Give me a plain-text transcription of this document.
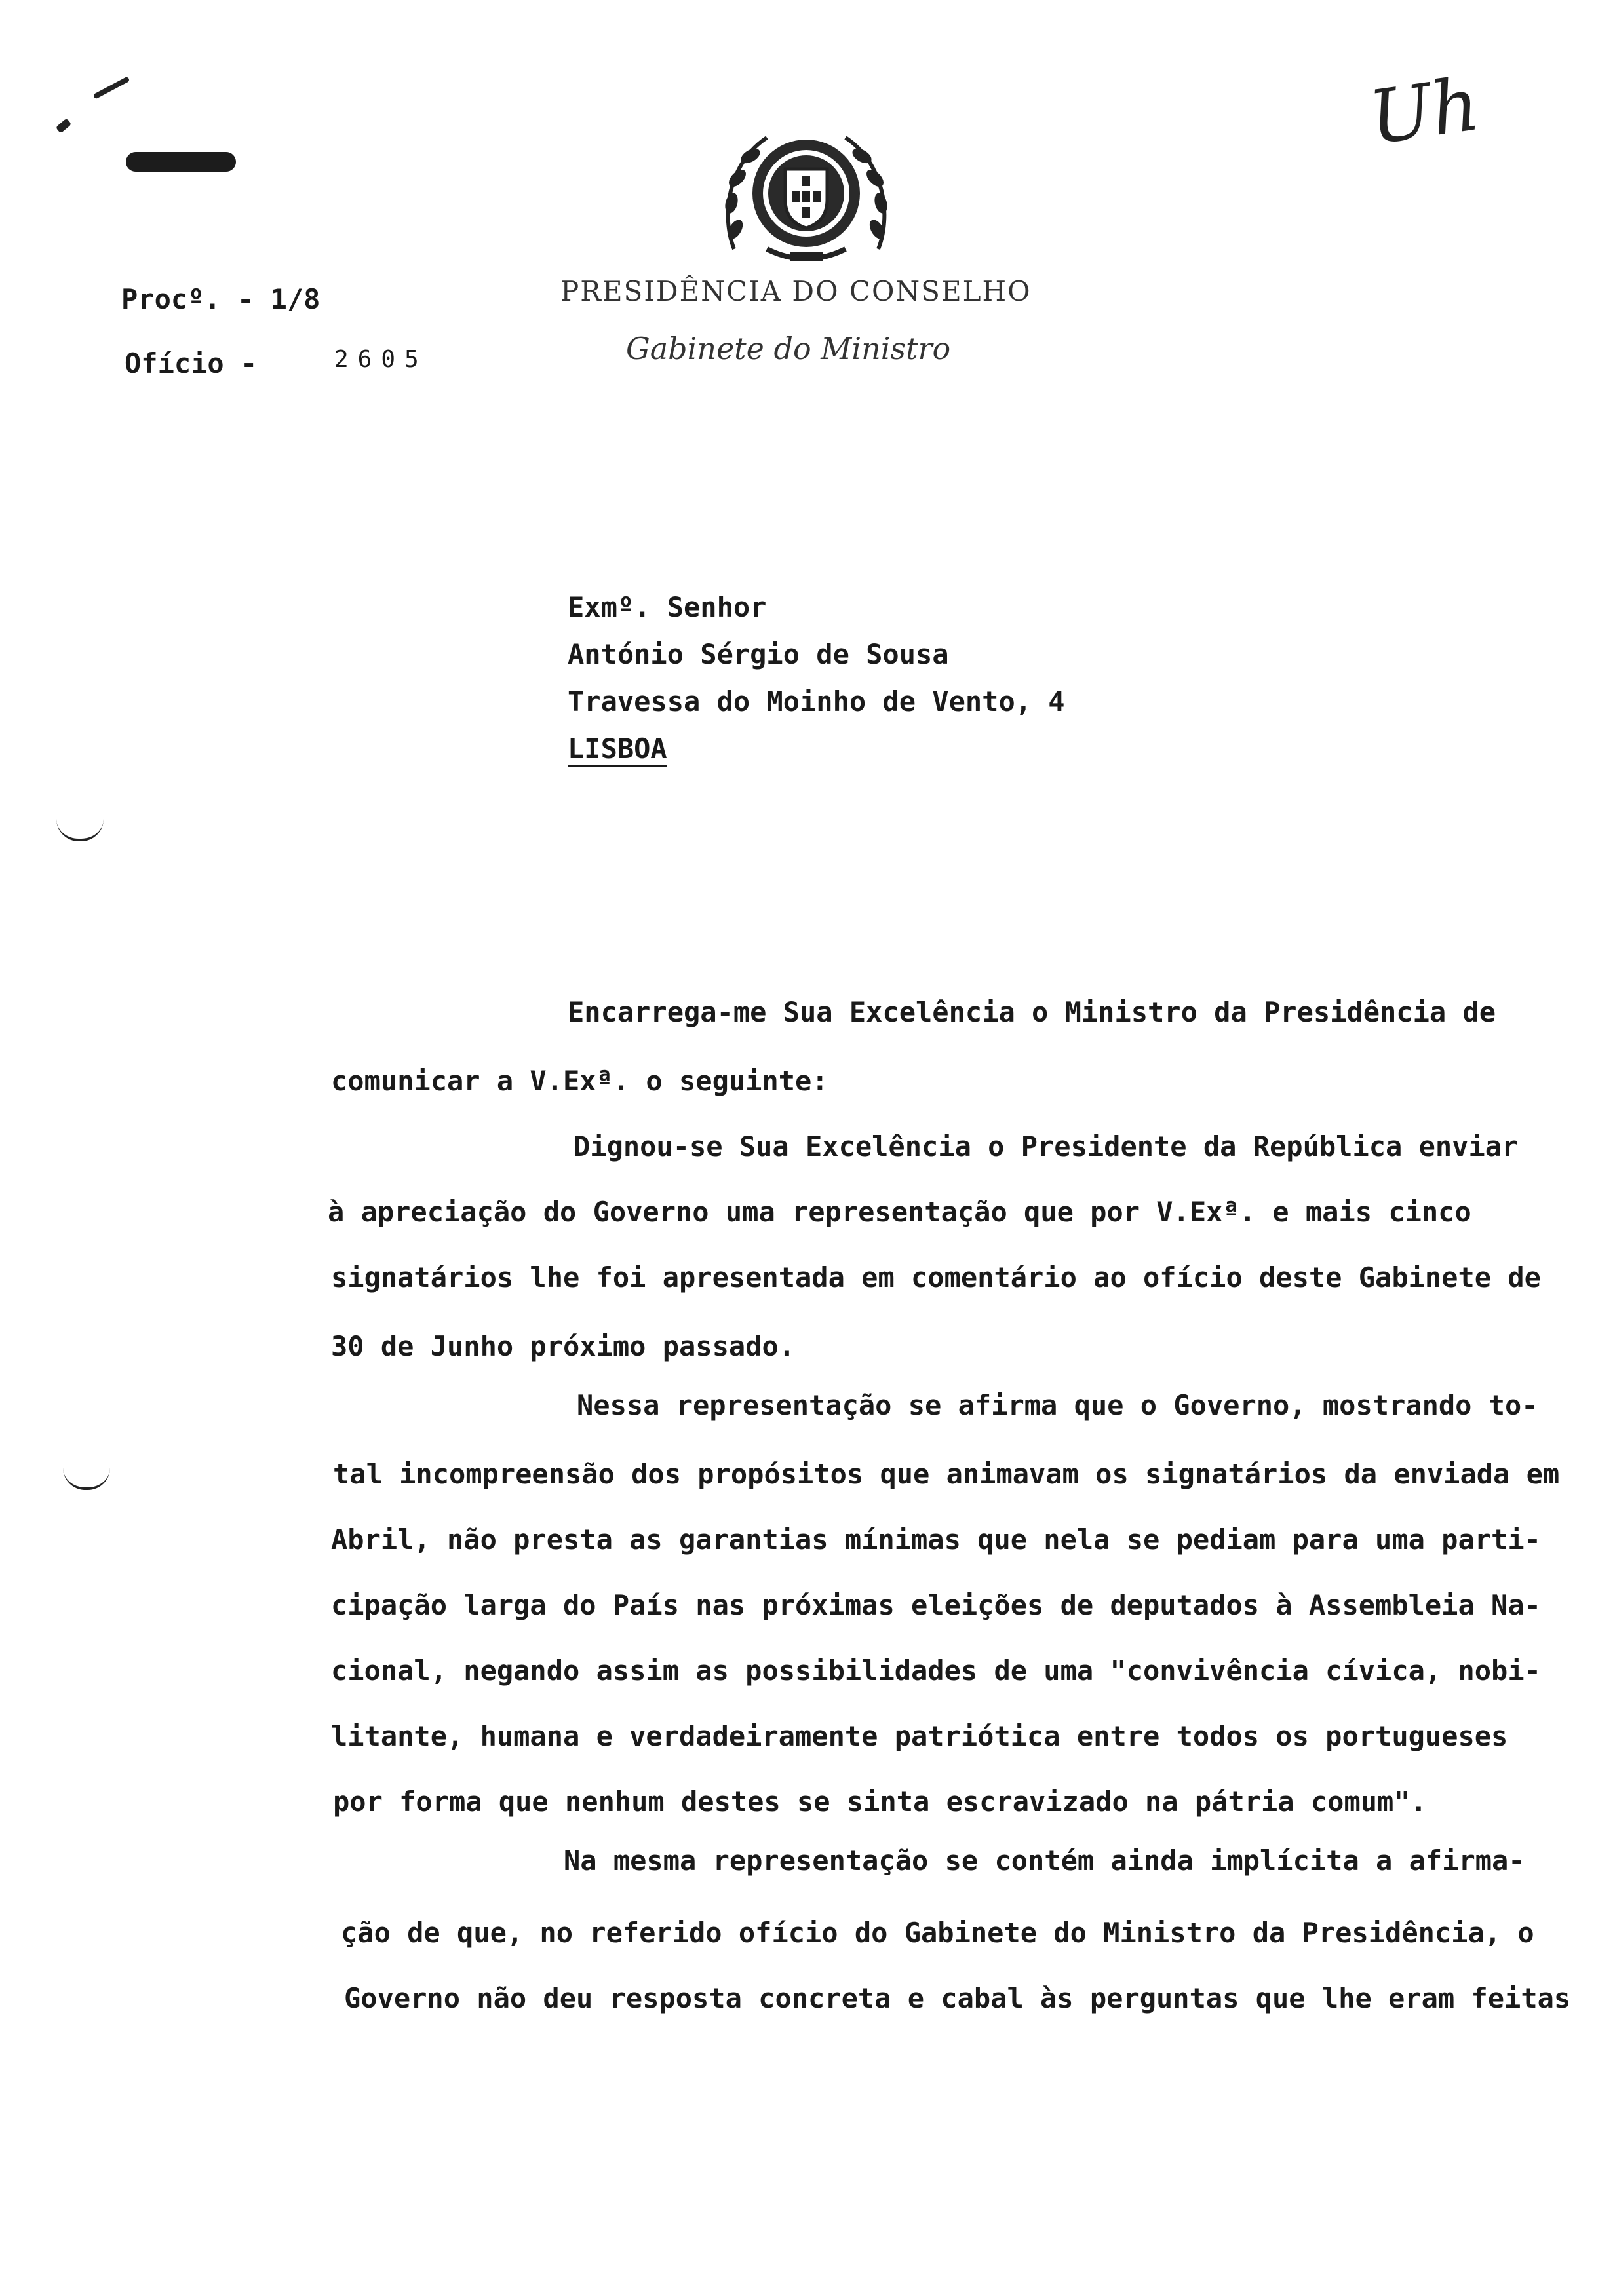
Uh
PRESIDÊNCIA DO CONSELHO
Gabinete do Ministro
Procº. - 1/8
Ofício -	2605
Exmº. Senhor
António Sérgio de Sousa
Travessa do Moinho de Vento, 4
LISBOA
Encarrega-me Sua Excelência o Ministro da Presidência de
comunicar a V.Exª. o seguinte:
Dignou-se Sua Excelência o Presidente da República enviar
à apreciação do Governo uma representação que por V.Exª. e mais cinco
signatários lhe foi apresentada em comentário ao ofício deste Gabinete de
30 de Junho próximo passado.
Nessa representação se afirma que o Governo, mostrando to-
tal incompreensão dos propósitos que animavam os signatários da enviada em
Abril, não presta as garantias mínimas que nela se pediam para uma parti-
cipação larga do País nas próximas eleições de deputados à Assembleia Na-
cional, negando assim as possibilidades de uma "convivência cívica, nobi-
litante, humana e verdadeiramente patriótica entre todos os portugueses
por forma que nenhum destes se sinta escravizado na pátria comum".
Na mesma representação se contém ainda implícita a afirma-
ção de que, no referido ofício do Gabinete do Ministro da Presidência, o
Governo não deu resposta concreta e cabal às perguntas que lhe eram feitas
